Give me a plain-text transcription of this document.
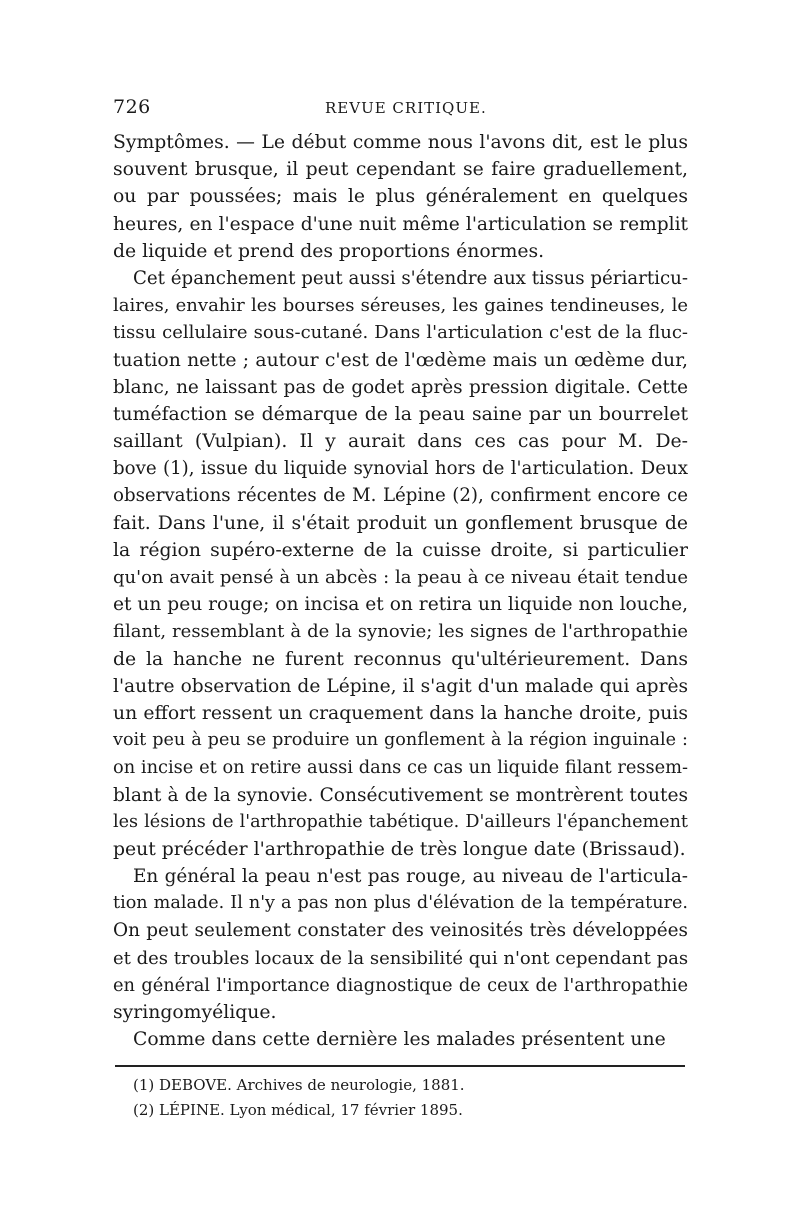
726	REVUE CRITIQUE.
Symptômes. — Le début comme nous l'avons dit, est le plus
souvent brusque, il peut cependant se faire graduellement,
ou par poussées; mais le plus généralement en quelques
heures, en l'espace d'une nuit même l'articulation se remplit
de liquide et prend des proportions énormes.
Cet épanchement peut aussi s'étendre aux tissus périarticu-
laires, envahir les bourses séreuses, les gaines tendineuses, le
tissu cellulaire sous-cutané. Dans l'articulation c'est de la fluc-
tuation nette ; autour c'est de l'œdème mais un œdème dur,
blanc, ne laissant pas de godet après pression digitale. Cette
tuméfaction se démarque de la peau saine par un bourrelet
saillant (Vulpian). Il y aurait dans ces cas pour M. De-
bove (1), issue du liquide synovial hors de l'articulation. Deux
observations récentes de M. Lépine (2), confirment encore ce
fait. Dans l'une, il s'était produit un gonflement brusque de
la région supéro-externe de la cuisse droite, si particulier
qu'on avait pensé à un abcès : la peau à ce niveau était tendue
et un peu rouge; on incisa et on retira un liquide non louche,
filant, ressemblant à de la synovie; les signes de l'arthropathie
de la hanche ne furent reconnus qu'ultérieurement. Dans
l'autre observation de Lépine, il s'agit d'un malade qui après
un effort ressent un craquement dans la hanche droite, puis
voit peu à peu se produire un gonflement à la région inguinale :
on incise et on retire aussi dans ce cas un liquide filant ressem-
blant à de la synovie. Consécutivement se montrèrent toutes
les lésions de l'arthropathie tabétique. D'ailleurs l'épanchement
peut précéder l'arthropathie de très longue date (Brissaud).
En général la peau n'est pas rouge, au niveau de l'articula-
tion malade. Il n'y a pas non plus d'élévation de la température.
On peut seulement constater des veinosités très développées
et des troubles locaux de la sensibilité qui n'ont cependant pas
en général l'importance diagnostique de ceux de l'arthropathie
syringomyélique.
Comme dans cette dernière les malades présentent une
(1) DEBOVE. Archives de neurologie, 1881.
(2) LÉPINE. Lyon médical, 17 février 1895.
